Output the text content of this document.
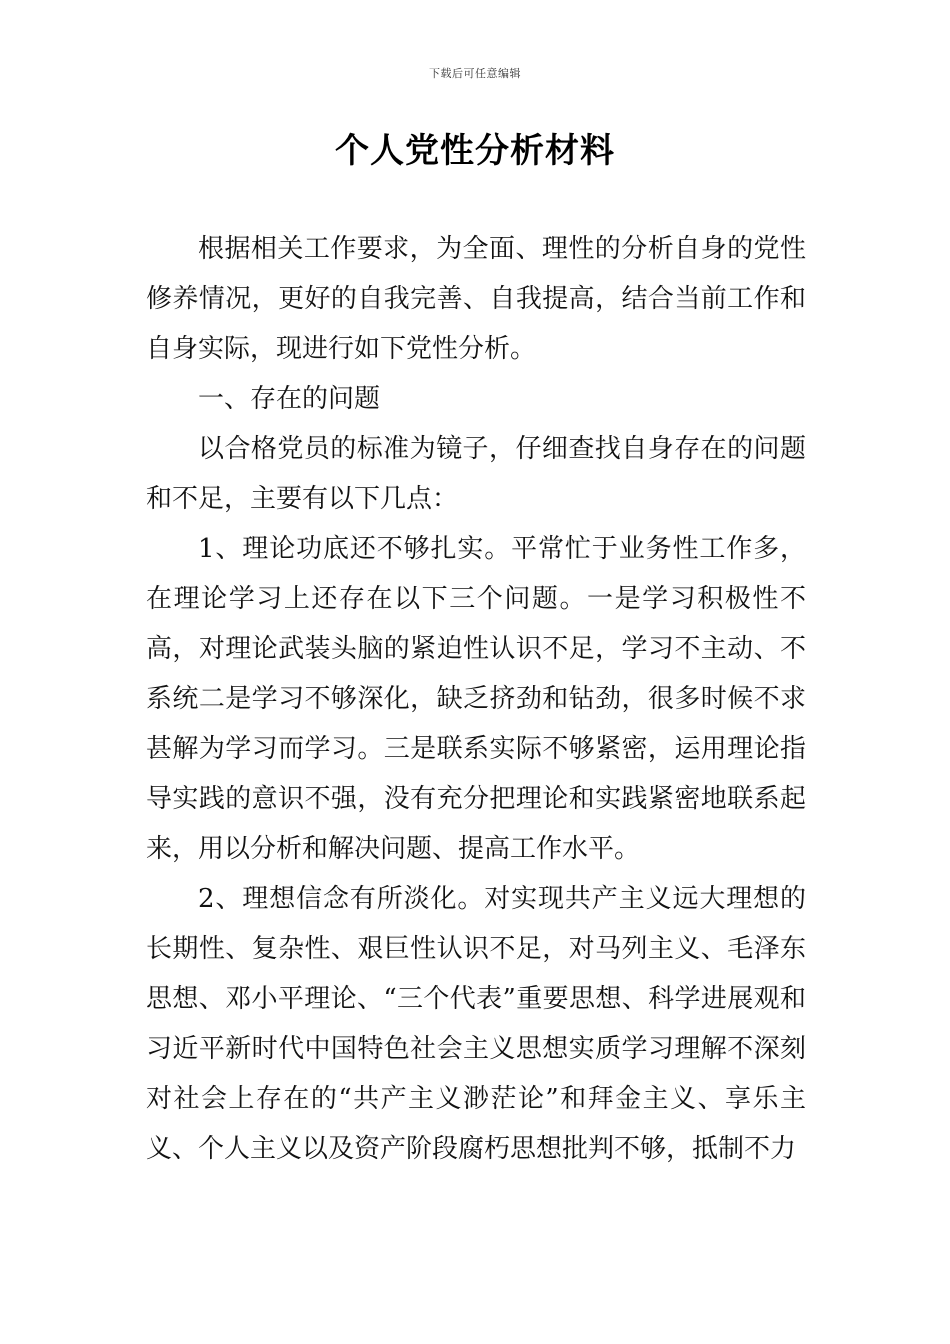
下载后可任意编辑
个人党性分析材料

根据相关工作要求，为全面、理性的分析自身的党性修养情况，更好的自我完善、自我提高，结合当前工作和自身实际，现进行如下党性分析。

一、存在的问题

以合格党员的标准为镜子，仔细查找自身存在的问题和不足，主要有以下几点：

1、理论功底还不够扎实。平常忙于业务性工作多，在理论学习上还存在以下三个问题。一是学习积极性不高，对理论武装头脑的紧迫性认识不足，学习不主动、不系统二是学习不够深化，缺乏挤劲和钻劲，很多时候不求甚解为学习而学习。三是联系实际不够紧密，运用理论指导实践的意识不强，没有充分把理论和实践紧密地联系起来，用以分析和解决问题、提高工作水平。

2、理想信念有所淡化。对实现共产主义远大理想的长期性、复杂性、艰巨性认识不足，对马列主义、毛泽东思想、邓小平理论、“三个代表”重要思想、科学进展观和习近平新时代中国特色社会主义思想实质学习理解不深刻对社会上存在的“共产主义渺茫论”和拜金主义、享乐主义、个人主义以及资产阶段腐朽思想批判不够，抵制不力
